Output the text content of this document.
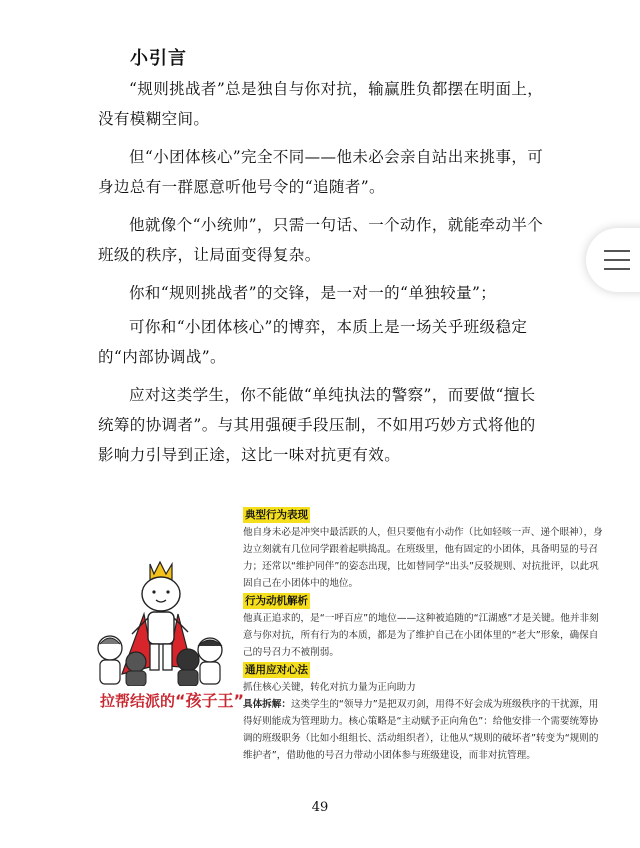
小引言

“规则挑战者”总是独自与你对抗，输赢胜负都摆在明面上，没有模糊空间。

但“小团体核心”完全不同——他未必会亲自站出来挑事，可身边总有一群愿意听他号令的“追随者”。

他就像个“小统帅”，只需一句话、一个动作，就能牵动半个班级的秩序，让局面变得复杂。

你和“规则挑战者”的交锋，是一对一的“单独较量”；

可你和“小团体核心”的博弈，本质上是一场关乎班级稳定的“内部协调战”。

应对这类学生，你不能做“单纯执法的警察”，而要做“擅长统筹的协调者”。与其用强硬手段压制，不如用巧妙方式将他的影响力引导到正途，这比一味对抗更有效。

拉帮结派的“孩子王”
典型行为表现

他自身未必是冲突中最活跃的人，但只要他有小动作（比如轻咳一声、递个眼神），身边立刻就有几位同学跟着起哄捣乱。在班级里，他有固定的小团体，具备明显的号召力；还常以“维护同伴”的姿态出现，比如替同学“出头”反驳规则、对抗批评，以此巩固自己在小团体中的地位。

行为动机解析

他真正追求的，是“一呼百应”的地位——这种被追随的“江湖感”才是关键。他并非刻意与你对抗，所有行为的本质，都是为了维护自己在小团体里的“老大”形象，确保自己的号召力不被削弱。

通用应对心法

抓住核心关键，转化对抗力量为正向助力

具体拆解：这类学生的“领导力”是把双刃剑，用得不好会成为班级秩序的干扰源，用得好则能成为管理助力。核心策略是“主动赋予正向角色”：给他安排一个需要统筹协调的班级职务（比如小组组长、活动组织者），让他从“规则的破坏者”转变为“规则的维护者”，借助他的号召力带动小团体参与班级建设，而非对抗管理。

49
